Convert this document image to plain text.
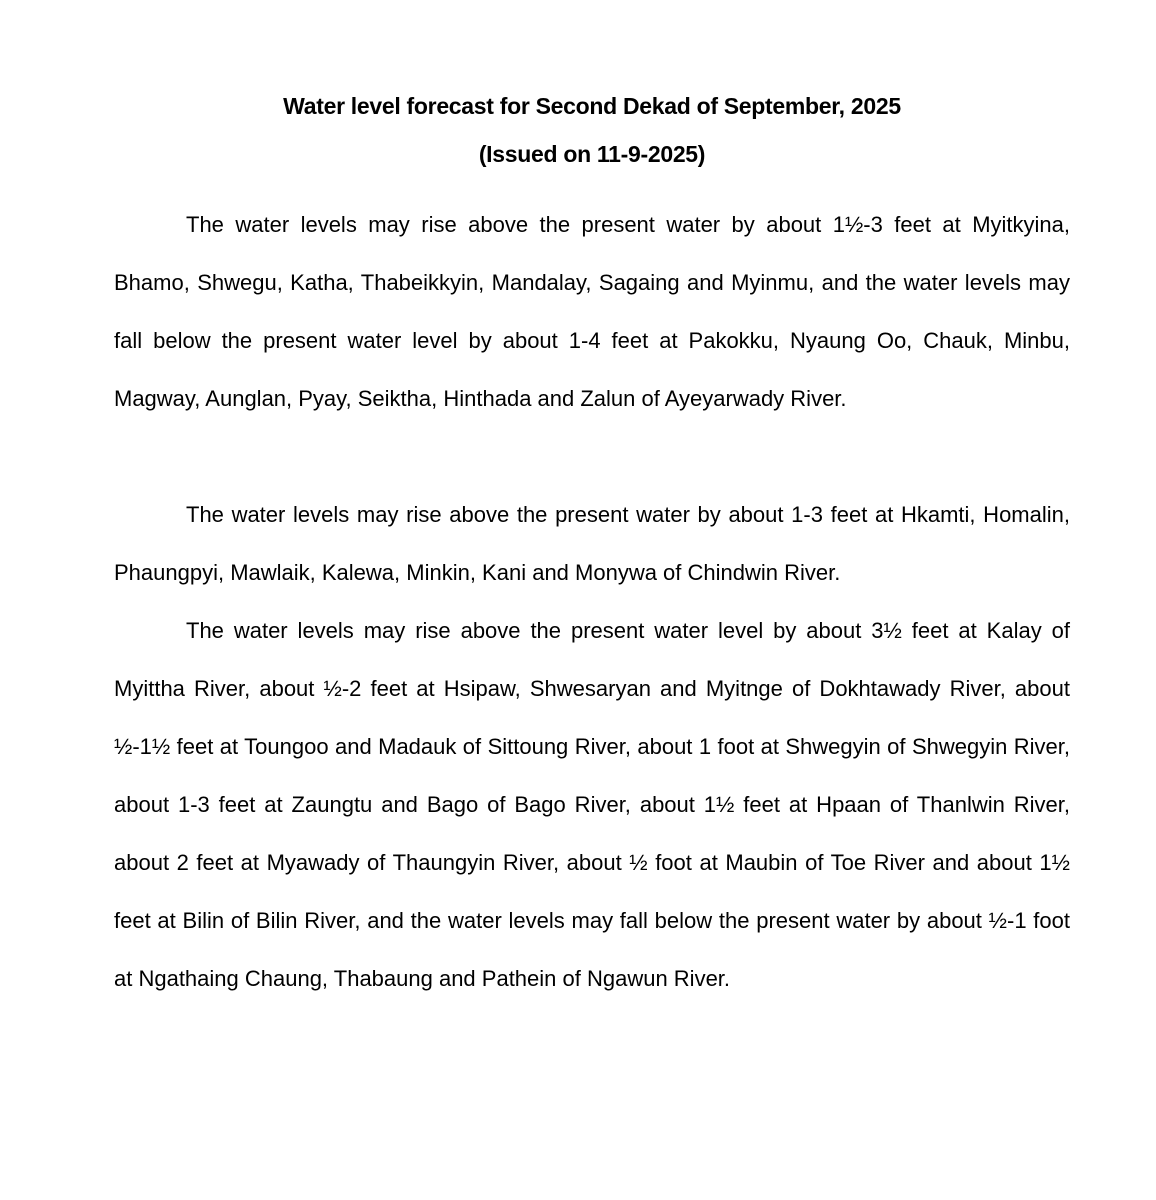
Water level forecast for Second Dekad of September, 2025
(Issued on 11-9-2025)

The water levels may rise above the present water by about 1½-3 feet at Myitkyina, Bhamo, Shwegu, Katha, Thabeikkyin, Mandalay, Sagaing and Myinmu, and the water levels may fall below the present water level by about 1-4 feet at Pakokku, Nyaung Oo, Chauk, Minbu, Magway, Aunglan, Pyay, Seiktha, Hinthada and Zalun of Ayeyarwady River.

The water levels may rise above the present water by about 1-3 feet at Hkamti, Homalin, Phaungpyi, Mawlaik, Kalewa, Minkin, Kani and Monywa of Chindwin River.

The water levels may rise above the present water level by about 3½ feet at Kalay of Myittha River, about ½-2 feet at Hsipaw, Shwesaryan and Myitnge of Dokhtawady River, about ½-1½ feet at Toungoo and Madauk of Sittoung River, about 1 foot at Shwegyin of Shwegyin River, about 1-3 feet at Zaungtu and Bago of Bago River, about 1½ feet at Hpaan of Thanlwin River, about 2 feet at Myawady of Thaungyin River, about ½ foot at Maubin of Toe River and about 1½ feet at Bilin of Bilin River, and the water levels may fall below the present water by about ½-1 foot at Ngathaing Chaung, Thabaung and Pathein of Ngawun River.
